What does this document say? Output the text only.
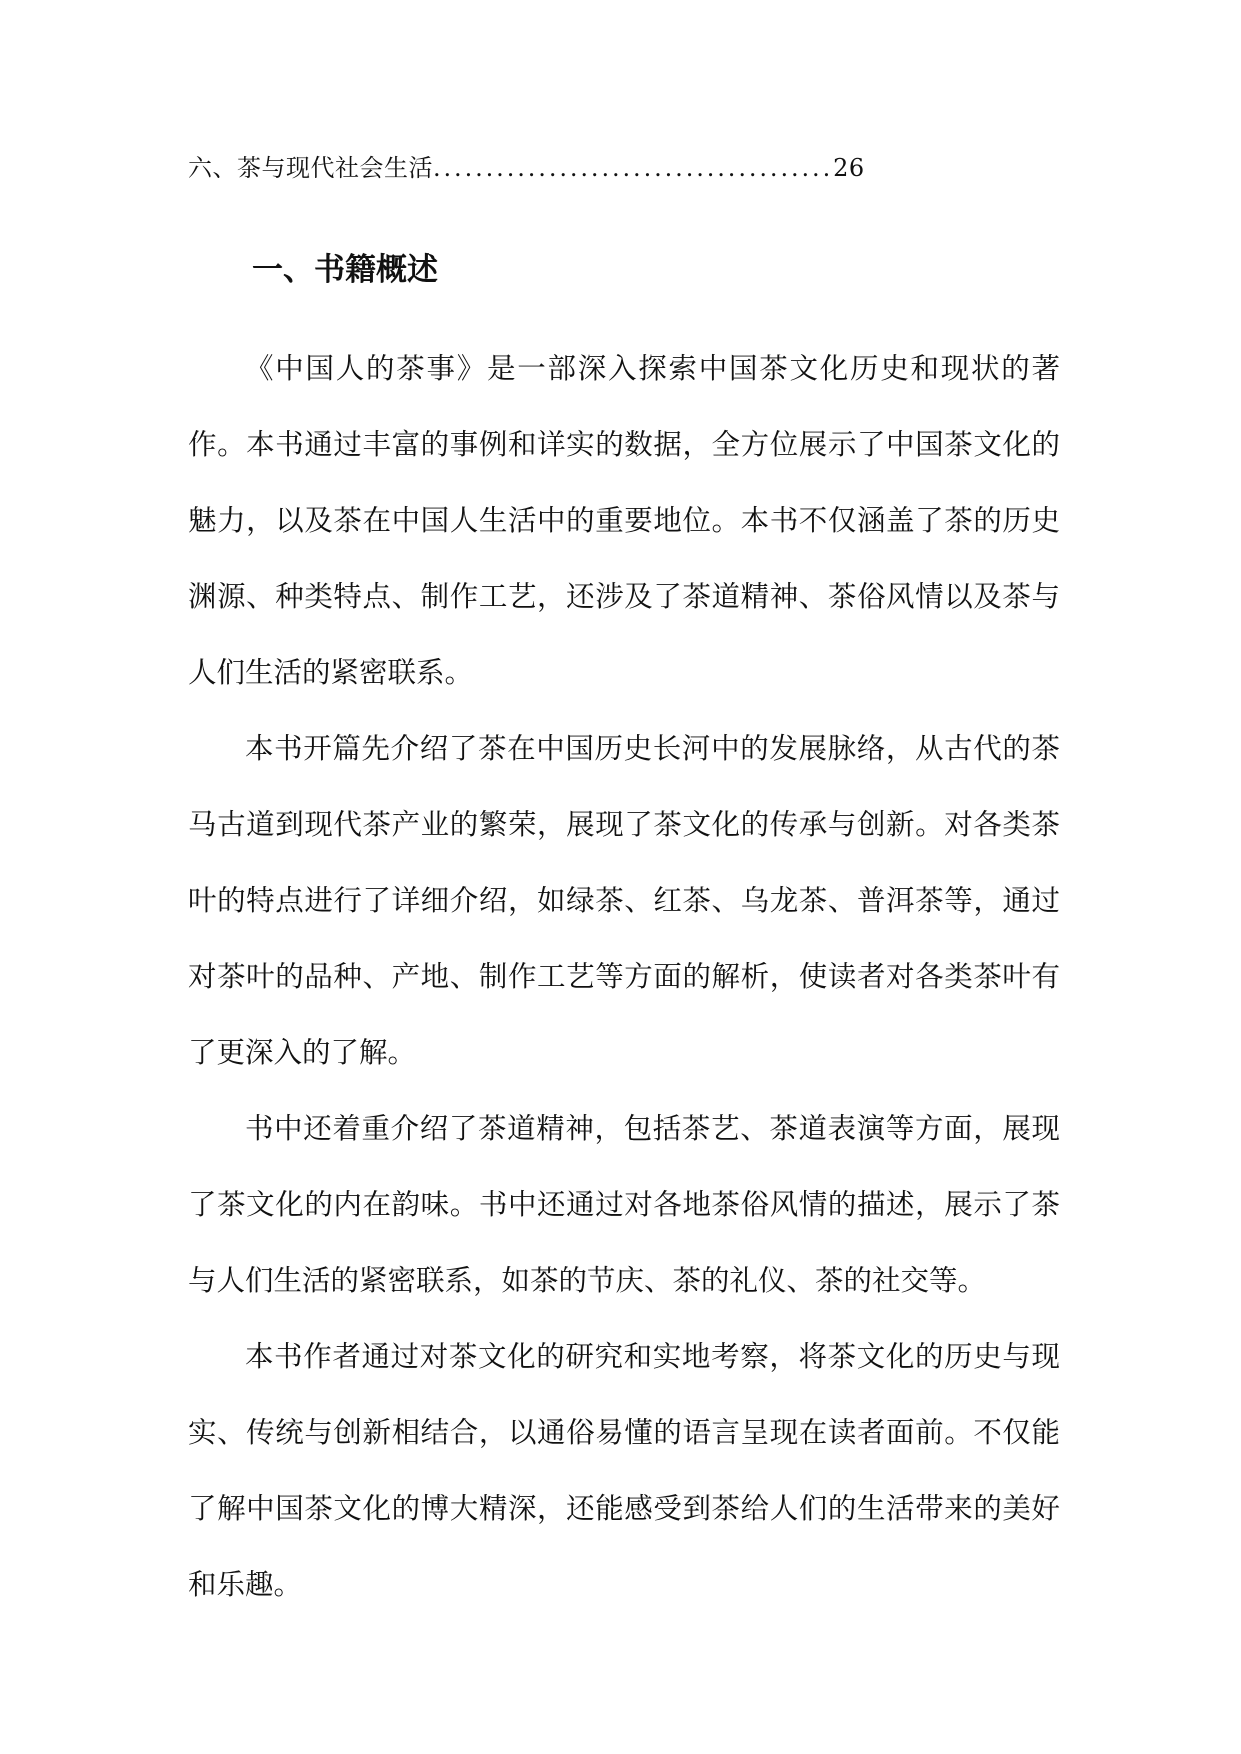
六、茶与现代社会生活......................................26
一、书籍概述

《中国人的茶事》是一部深入探索中国茶文化历史和现状的著作。本书通过丰富的事例和详实的数据，全方位展示了中国茶文化的魅力，以及茶在中国人生活中的重要地位。本书不仅涵盖了茶的历史渊源、种类特点、制作工艺，还涉及了茶道精神、茶俗风情以及茶与人们生活的紧密联系。

本书开篇先介绍了茶在中国历史长河中的发展脉络，从古代的茶马古道到现代茶产业的繁荣，展现了茶文化的传承与创新。对各类茶叶的特点进行了详细介绍，如绿茶、红茶、乌龙茶、普洱茶等，通过对茶叶的品种、产地、制作工艺等方面的解析，使读者对各类茶叶有了更深入的了解。

书中还着重介绍了茶道精神，包括茶艺、茶道表演等方面，展现了茶文化的内在韵味。书中还通过对各地茶俗风情的描述，展示了茶与人们生活的紧密联系，如茶的节庆、茶的礼仪、茶的社交等。

本书作者通过对茶文化的研究和实地考察，将茶文化的历史与现实、传统与创新相结合，以通俗易懂的语言呈现在读者面前。不仅能了解中国茶文化的博大精深，还能感受到茶给人们的生活带来的美好和乐趣。
